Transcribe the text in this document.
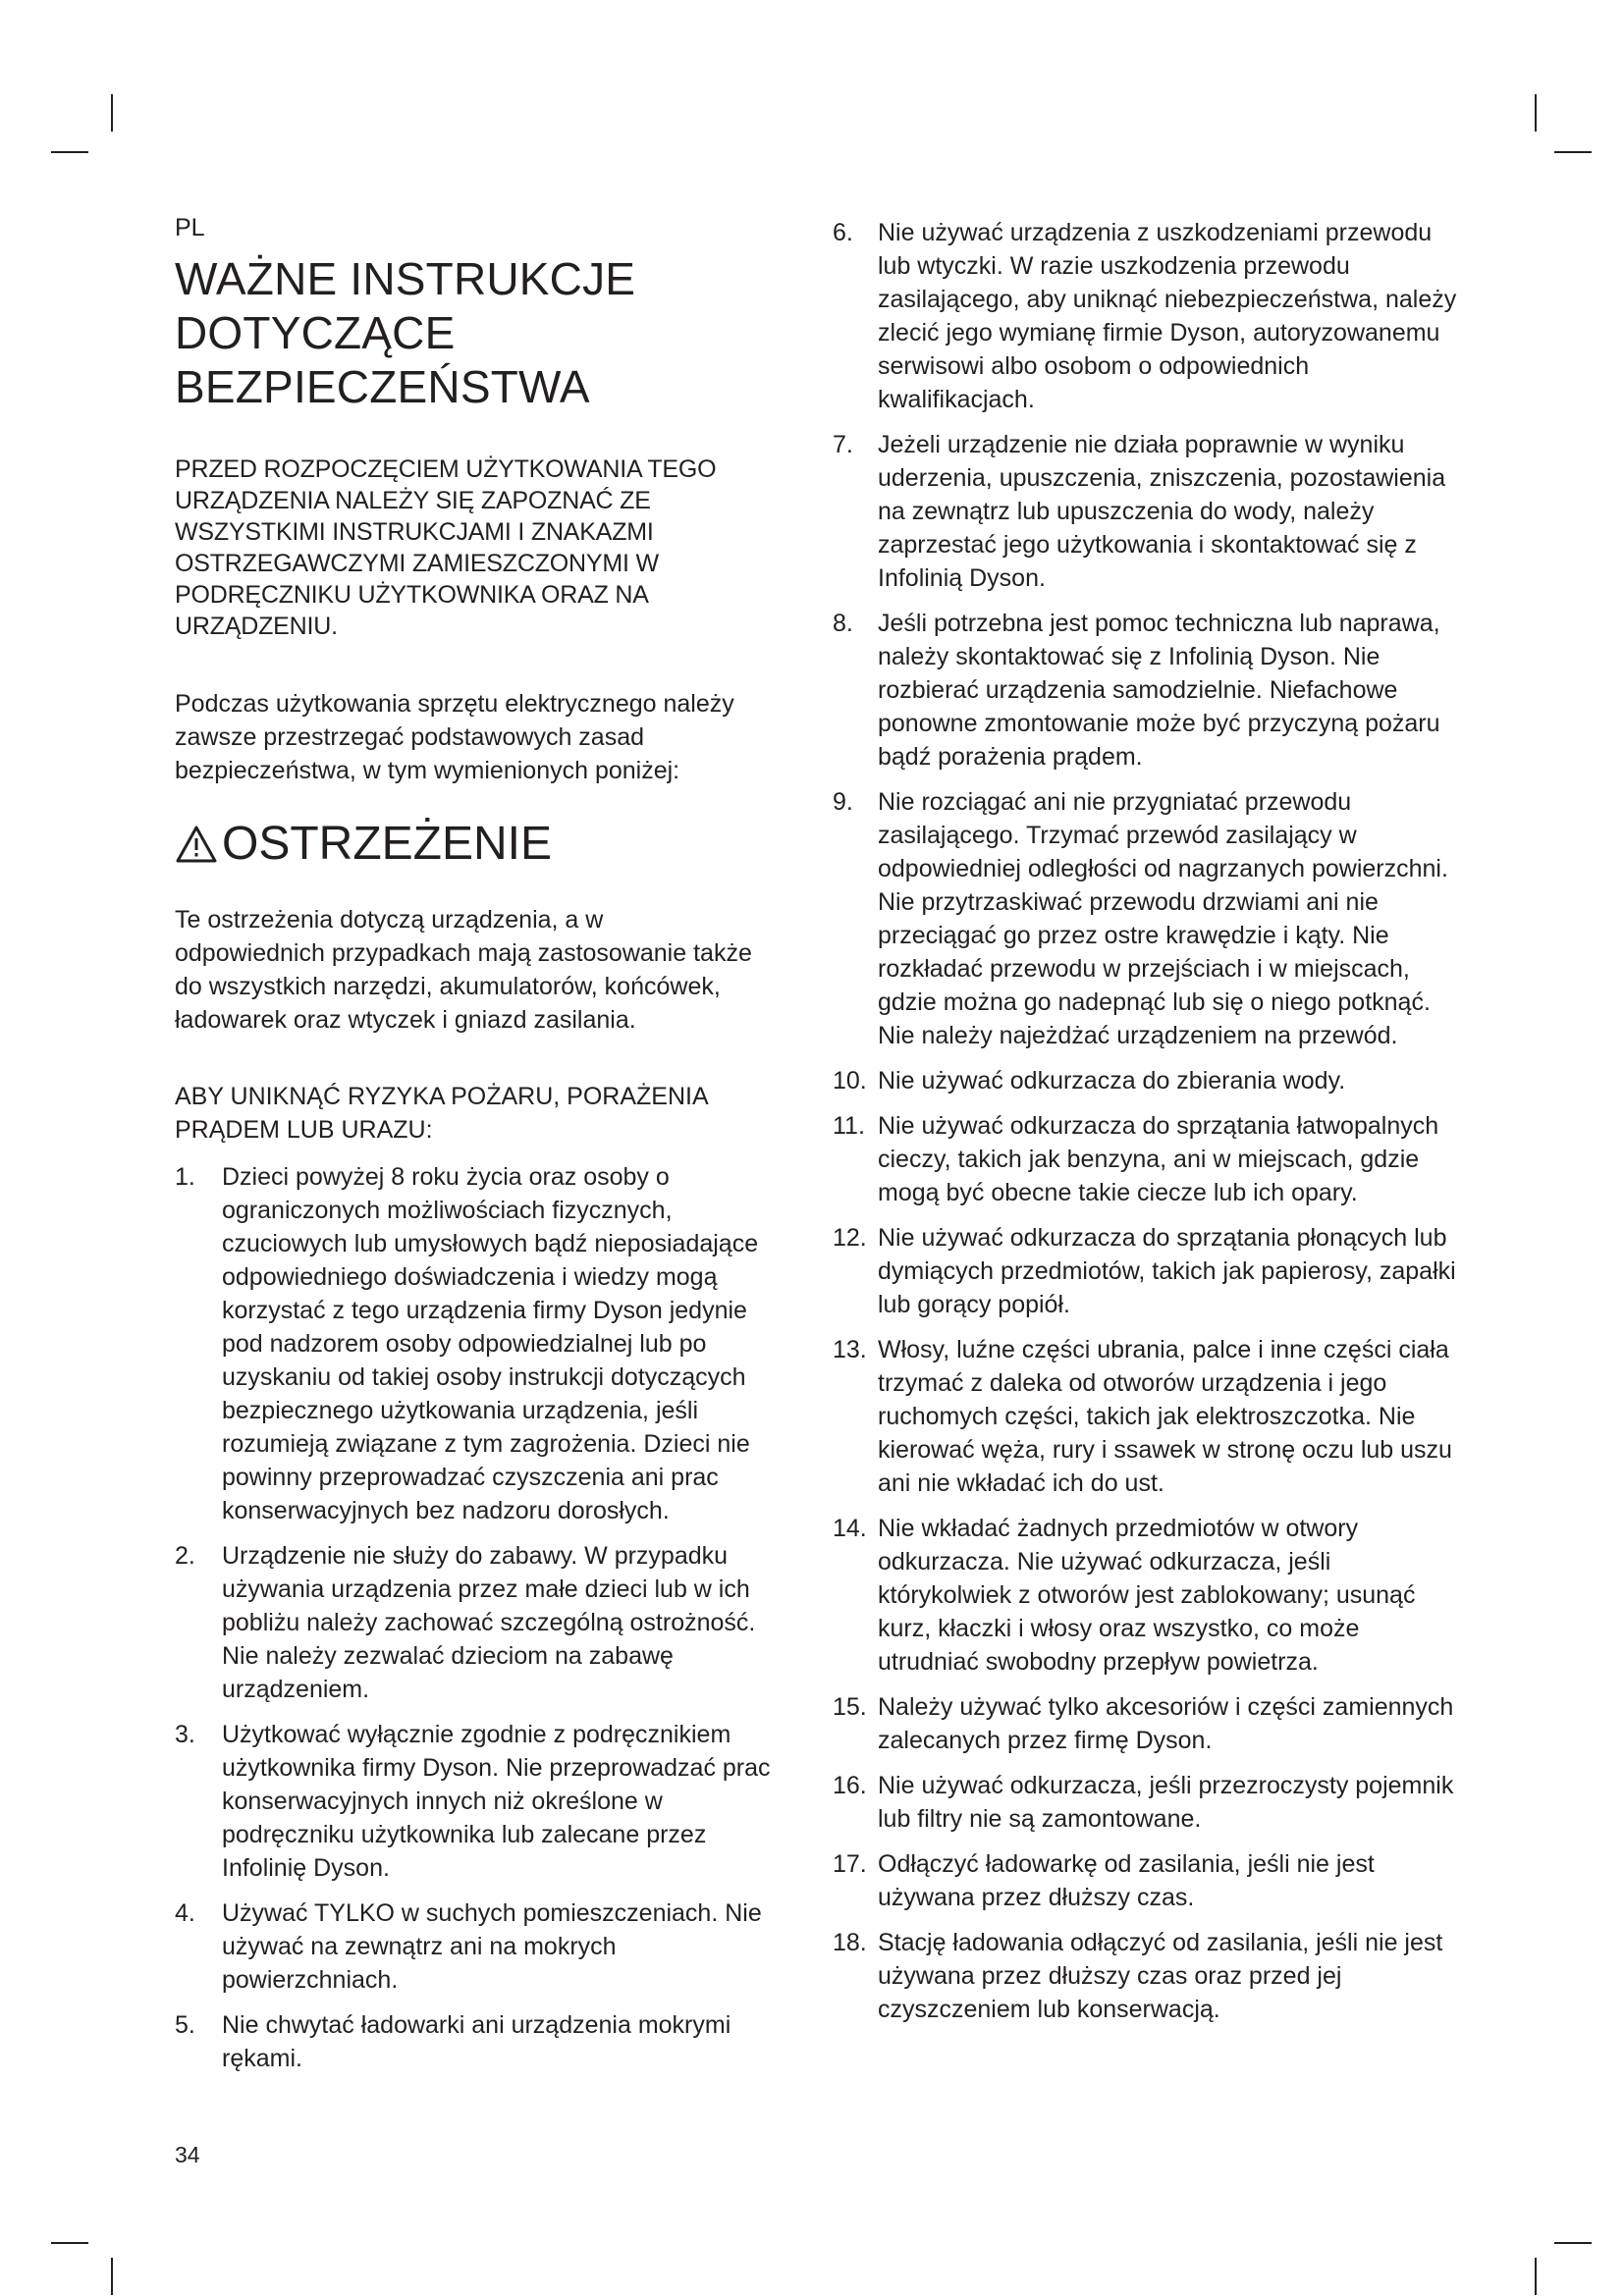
PL
WAŻNE INSTRUKCJE
DOTYCZĄCE
BEZPIECZEŃSTWA
PRZED ROZPOCZĘCIEM UŻYTKOWANIA TEGO URZĄDZENIA NALEŻY SIĘ ZAPOZNAĆ ZE WSZYSTKIMI INSTRUKCJAMI I ZNAKAZMI OSTRZEGAWCZYMI ZAMIESZCZONYMI W PODRĘCZNIKU UŻYTKOWNIKA ORAZ NA URZĄDZENIU.
Podczas użytkowania sprzętu elektrycznego należy zawsze przestrzegać podstawowych zasad bezpieczeństwa, w tym wymienionych poniżej:
OSTRZEŻENIE
Te ostrzeżenia dotyczą urządzenia, a w odpowiednich przypadkach mają zastosowanie także do wszystkich narzędzi, akumulatorów, końcówek, ładowarek oraz wtyczek i gniazd zasilania.
ABY UNIKNĄĆ RYZYKA POŻARU, PORAŻENIA PRĄDEM LUB URAZU:
1. Dzieci powyżej 8 roku życia oraz osoby o ograniczonych możliwościach fizycznych, czuciowych lub umysłowych bądź nieposiadające odpowiedniego doświadczenia i wiedzy mogą korzystać z tego urządzenia firmy Dyson jedynie pod nadzorem osoby odpowiedzialnej lub po uzyskaniu od takiej osoby instrukcji dotyczących bezpiecznego użytkowania urządzenia, jeśli rozumieją związane z tym zagrożenia. Dzieci nie powinny przeprowadzać czyszczenia ani prac konserwacyjnych bez nadzoru dorosłych.
2. Urządzenie nie służy do zabawy. W przypadku używania urządzenia przez małe dzieci lub w ich pobliżu należy zachować szczególną ostrożność. Nie należy zezwalać dzieciom na zabawę urządzeniem.
3. Użytkować wyłącznie zgodnie z podręcznikiem użytkownika firmy Dyson. Nie przeprowadzać prac konserwacyjnych innych niż określone w podręczniku użytkownika lub zalecane przez Infolinię Dyson.
4. Używać TYLKO w suchych pomieszczeniach. Nie używać na zewnątrz ani na mokrych powierzchniach.
5. Nie chwytać ładowarki ani urządzenia mokrymi rękami.
6. Nie używać urządzenia z uszkodzeniami przewodu lub wtyczki. W razie uszkodzenia przewodu zasilającego, aby uniknąć niebezpieczeństwa, należy zlecić jego wymianę firmie Dyson, autoryzowanemu serwisowi albo osobom o odpowiednich kwalifikacjach.
7. Jeżeli urządzenie nie działa poprawnie w wyniku uderzenia, upuszczenia, zniszczenia, pozostawienia na zewnątrz lub upuszczenia do wody, należy zaprzestać jego użytkowania i skontaktować się z Infolinią Dyson.
8. Jeśli potrzebna jest pomoc techniczna lub naprawa, należy skontaktować się z Infolinią Dyson. Nie rozbierać urządzenia samodzielnie. Niefachowe ponowne zmontowanie może być przyczyną pożaru bądź porażenia prądem.
9. Nie rozciągać ani nie przygniatać przewodu zasilającego. Trzymać przewód zasilający w odpowiedniej odległości od nagrzanych powierzchni. Nie przytrzaskiwać przewodu drzwiami ani nie przeciągać go przez ostre krawędzie i kąty. Nie rozkładać przewodu w przejściach i w miejscach, gdzie można go nadepnąć lub się o niego potknąć. Nie należy najeżdżać urządzeniem na przewód.
10. Nie używać odkurzacza do zbierania wody.
11. Nie używać odkurzacza do sprzątania łatwopalnych cieczy, takich jak benzyna, ani w miejscach, gdzie mogą być obecne takie ciecze lub ich opary.
12. Nie używać odkurzacza do sprzątania płonących lub dymiących przedmiotów, takich jak papierosy, zapałki lub gorący popiół.
13. Włosy, luźne części ubrania, palce i inne części ciała trzymać z daleka od otworów urządzenia i jego ruchomych części, takich jak elektroszczotka. Nie kierować węża, rury i ssawek w stronę oczu lub uszu ani nie wkładać ich do ust.
14. Nie wkładać żadnych przedmiotów w otwory odkurzacza. Nie używać odkurzacza, jeśli którykolwiek z otworów jest zablokowany; usunąć kurz, kłaczki i włosy oraz wszystko, co może utrudniać swobodny przepływ powietrza.
15. Należy używać tylko akcesoriów i części zamiennych zalecanych przez firmę Dyson.
16. Nie używać odkurzacza, jeśli przezroczysty pojemnik lub filtry nie są zamontowane.
17. Odłączyć ładowarkę od zasilania, jeśli nie jest używana przez dłuższy czas.
18. Stację ładowania odłączyć od zasilania, jeśli nie jest używana przez dłuższy czas oraz przed jej czyszczeniem lub konserwacją.
34
